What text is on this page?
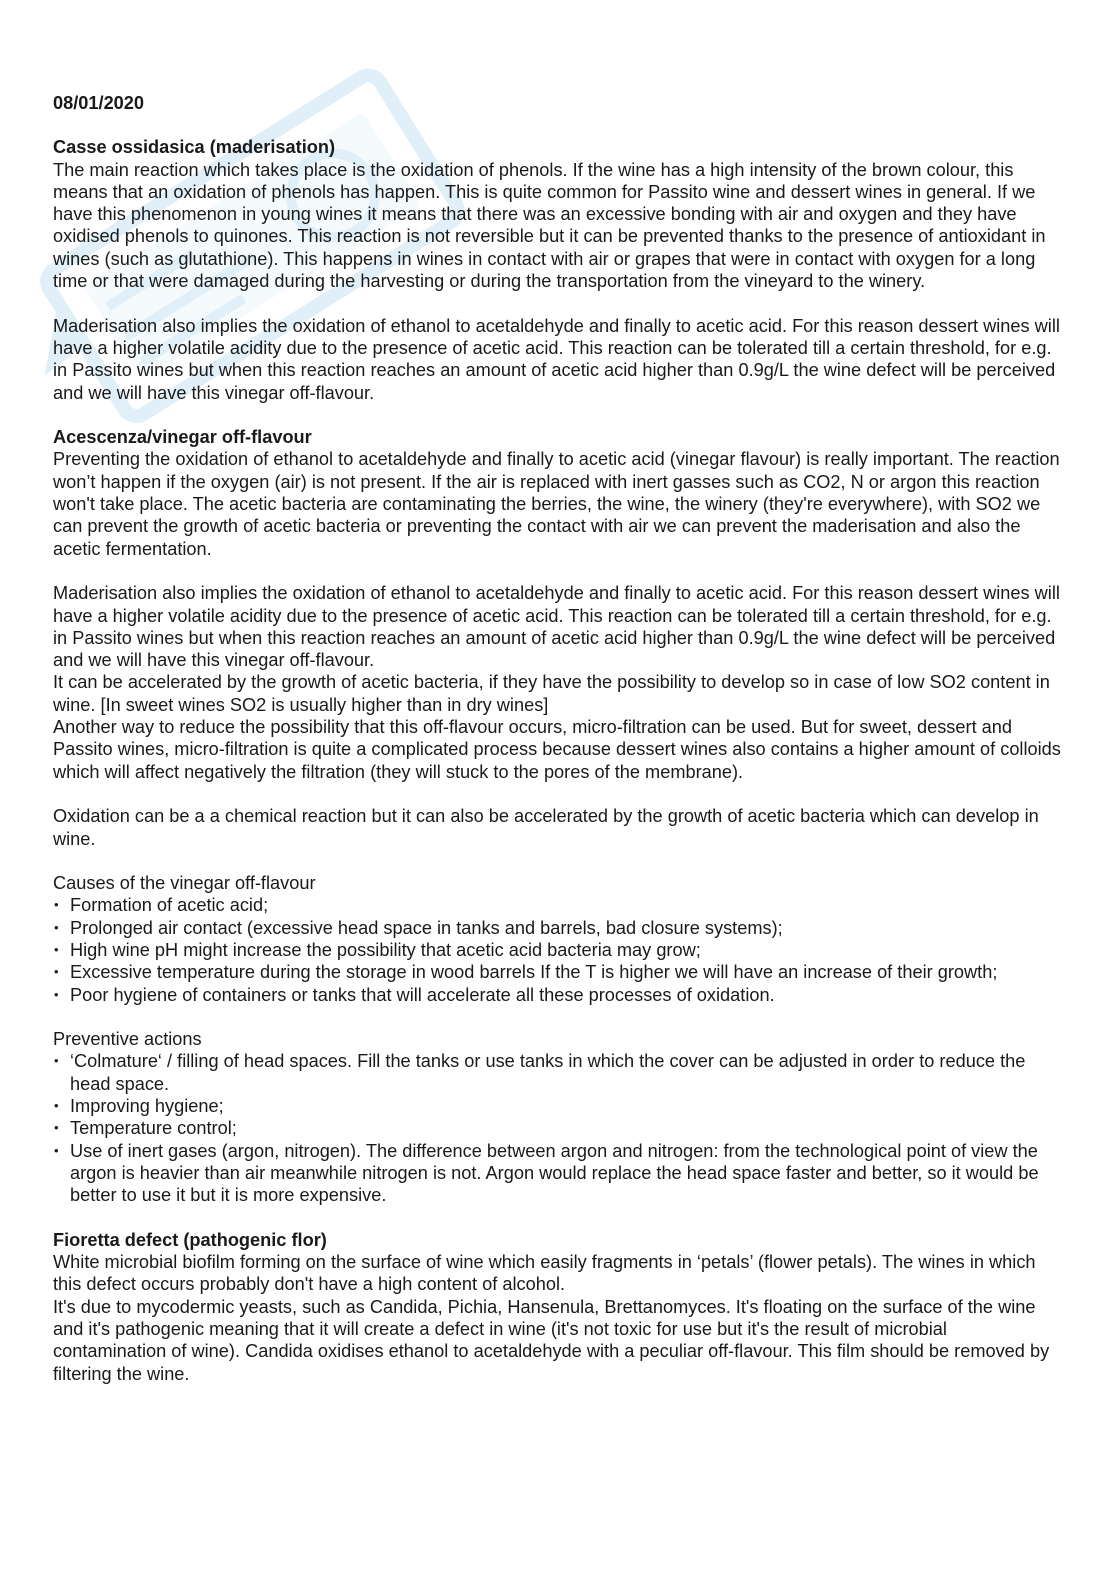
08/01/2020

Casse ossidasica (maderisation)

The main reaction which takes place is the oxidation of phenols. If the wine has a high intensity of the brown colour, this means that an oxidation of phenols has happen. This is quite common for Passito wine and dessert wines in general. If we have this phenomenon in young wines it means that there was an excessive bonding with air and oxygen and they have oxidised phenols to quinones. This reaction is not reversible but it can be prevented thanks to the presence of antioxidant in wines (such as glutathione). This happens in wines in contact with air or grapes that were in contact with oxygen for a long time or that were damaged during the harvesting or during the transportation from the vineyard to the winery.

Maderisation also implies the oxidation of ethanol to acetaldehyde and finally to acetic acid. For this reason dessert wines will have a higher volatile acidity due to the presence of acetic acid. This reaction can be tolerated till a certain threshold, for e.g. in Passito wines but when this reaction reaches an amount of acetic acid higher than 0.9g/L the wine defect will be perceived and we will have this vinegar off-flavour.

Acescenza/vinegar off-flavour

Preventing the oxidation of ethanol to acetaldehyde and finally to acetic acid (vinegar flavour) is really important. The reaction won’t happen if the oxygen (air) is not present. If the air is replaced with inert gasses such as CO2, N or argon this reaction won't take place. The acetic bacteria are contaminating the berries, the wine, the winery (they're everywhere), with SO2 we can prevent the growth of acetic bacteria or preventing the contact with air we can prevent the maderisation and also the acetic fermentation.

Maderisation also implies the oxidation of ethanol to acetaldehyde and finally to acetic acid. For this reason dessert wines will have a higher volatile acidity due to the presence of acetic acid. This reaction can be tolerated till a certain threshold, for e.g. in Passito wines but when this reaction reaches an amount of acetic acid higher than 0.9g/L the wine defect will be perceived and we will have this vinegar off-flavour.

It can be accelerated by the growth of acetic bacteria, if they have the possibility to develop so in case of low SO2 content in wine. [In sweet wines SO2 is usually higher than in dry wines]

Another way to reduce the possibility that this off-flavour occurs, micro-filtration can be used. But for sweet, dessert and Passito wines, micro-filtration is quite a complicated process because dessert wines also contains a higher amount of colloids which will affect negatively the filtration (they will stuck to the pores of the membrane).

Oxidation can be a a chemical reaction but it can also be accelerated by the growth of acetic bacteria which can develop in wine.

Causes of the vinegar off-flavour

• Formation of acetic acid;
• Prolonged air contact (excessive head space in tanks and barrels, bad closure systems);
• High wine pH might increase the possibility that acetic acid bacteria may grow;
• Excessive temperature during the storage in wood barrels If the T is higher we will have an increase of their growth;
• Poor hygiene of containers or tanks that will accelerate all these processes of oxidation.

Preventive actions

• ‘Colmature‘ / filling of head spaces. Fill the tanks or use tanks in which the cover can be adjusted in order to reduce the head space.
• Improving hygiene;
• Temperature control;
• Use of inert gases (argon, nitrogen). The difference between argon and nitrogen: from the technological point of view the argon is heavier than air meanwhile nitrogen is not. Argon would replace the head space faster and better, so it would be better to use it but it is more expensive.
Fioretta defect (pathogenic flor)

White microbial biofilm forming on the surface of wine which easily fragments in ‘petals’ (flower petals). The wines in which this defect occurs probably don't have a high content of alcohol.

It's due to mycodermic yeasts, such as Candida, Pichia, Hansenula, Brettanomyces. It's floating on the surface of the wine and it's pathogenic meaning that it will create a defect in wine (it's not toxic for use but it's the result of microbial contamination of wine). Candida oxidises ethanol to acetaldehyde with a peculiar off-flavour. This film should be removed by filtering the wine.
